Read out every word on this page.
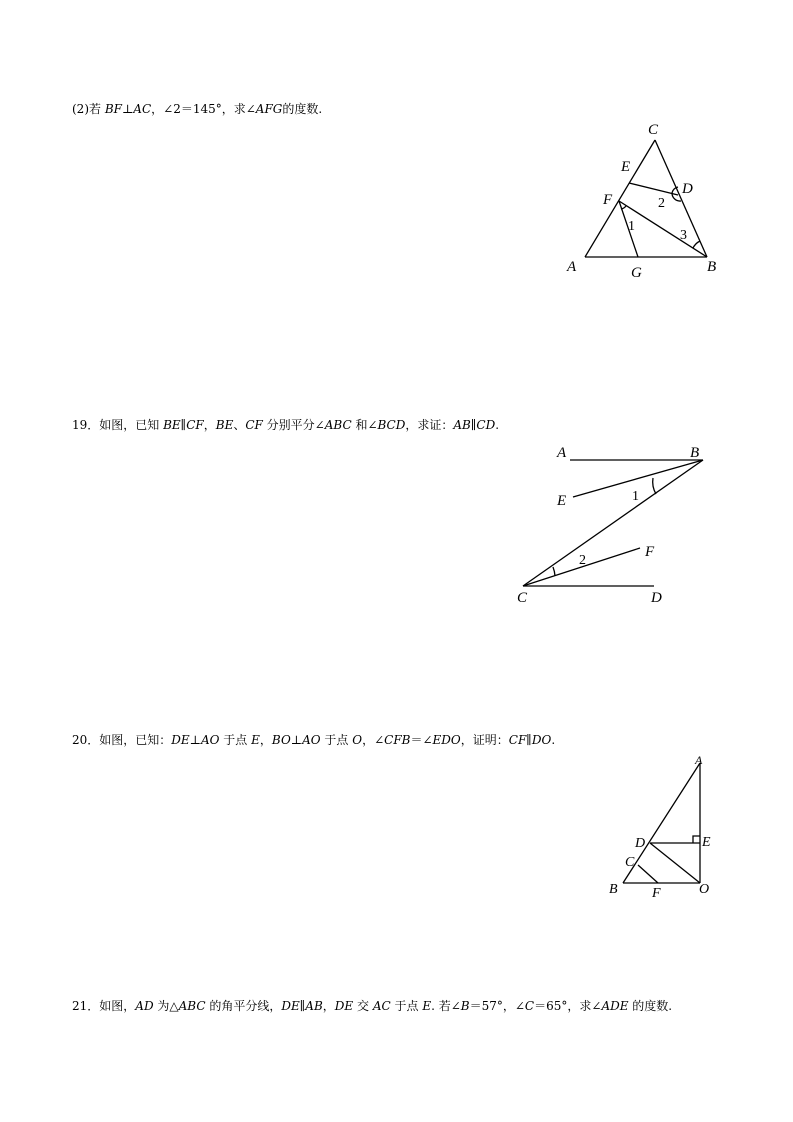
(2)若 BF⊥AC，∠2＝145°，求∠AFG的度数.
C
E
D
F
A	G	B
1
2
3
19．如图，已知 BE∥CF，BE、CF 分别平分∠ABC 和∠BCD，求证：AB∥CD.
A	B
E	1
F
2
C	D
20．如图，已知：DE⊥AO 于点 E，BO⊥AO 于点 O，∠CFB＝∠EDO，证明：CF∥DO.
A
D	E
C
B F	O
21．如图，AD 为△ABC 的角平分线，DE∥AB，DE 交 AC 于点 E. 若∠B＝57°，∠C＝65°，求∠ADE 的度数.
